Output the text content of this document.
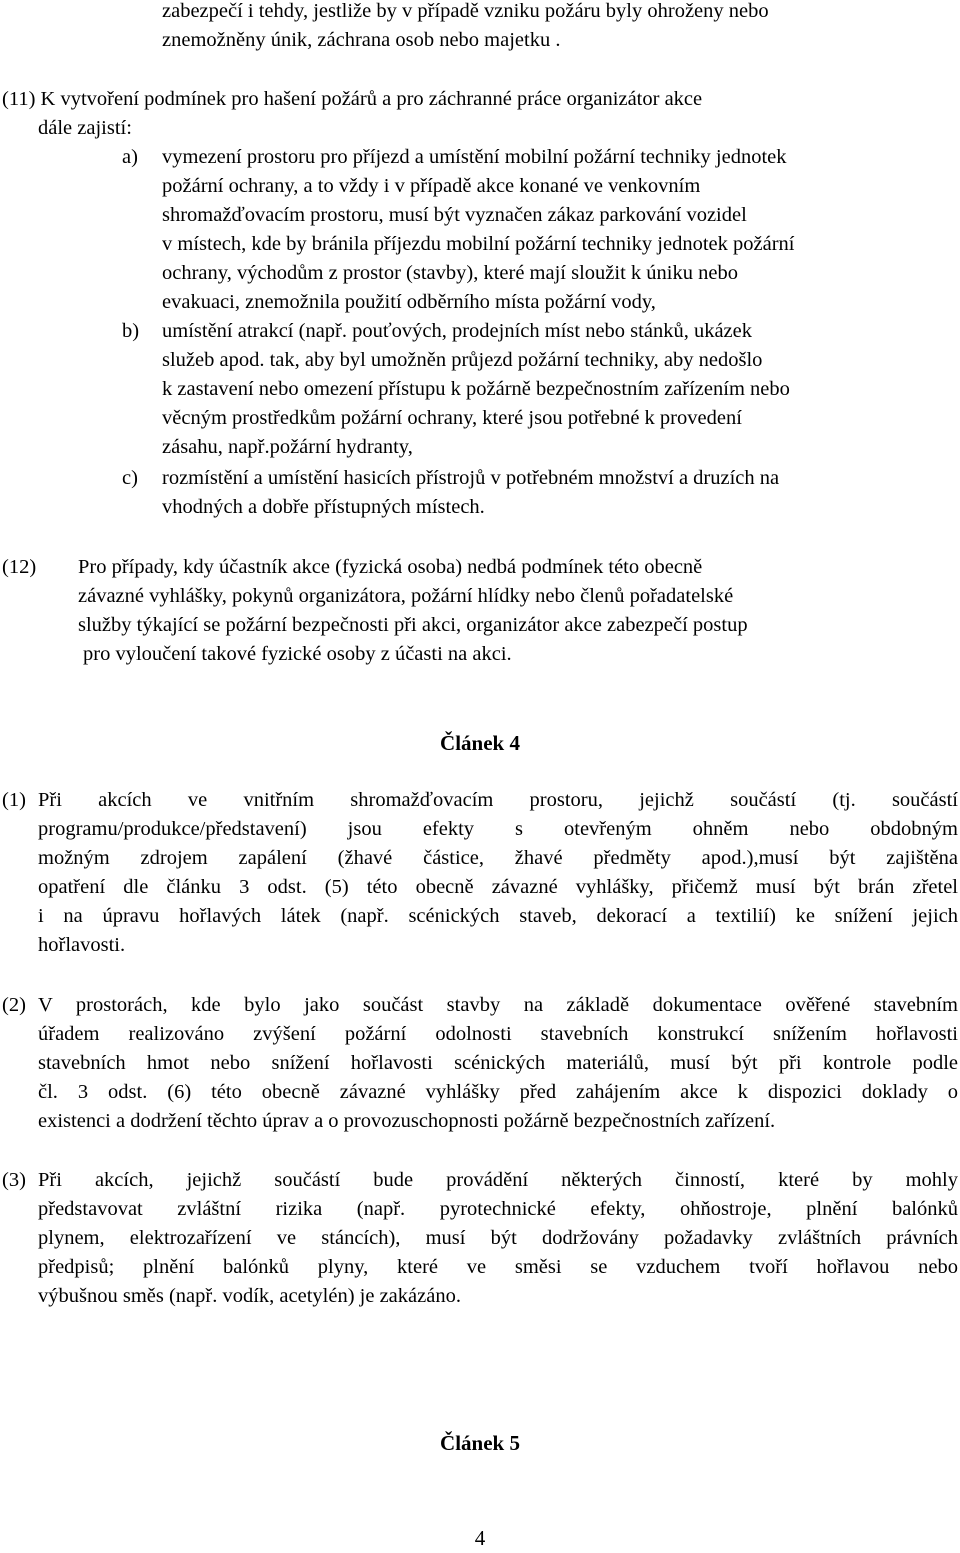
zabezpečí i tehdy, jestliže by v případě vzniku požáru byly ohroženy nebo
znemožněny únik, záchrana osob nebo majetku .
(11) K vytvoření podmínek pro hašení požárů a pro záchranné práce organizátor akce
dále zajistí:
a) vymezení prostoru pro příjezd a umístění mobilní požární techniky jednotek
požární ochrany, a to vždy i v případě akce konané ve venkovním
shromažďovacím prostoru, musí být vyznačen zákaz parkování vozidel
v místech, kde by bránila příjezdu mobilní požární techniky jednotek požární
ochrany, východům z prostor (stavby), které mají sloužit k úniku nebo
evakuaci, znemožnila použití odběrního místa požární vody,
b) umístění atrakcí (např. pouťových, prodejních míst nebo stánků, ukázek
služeb apod. tak, aby byl umožněn průjezd požární techniky, aby nedošlo
k zastavení nebo omezení přístupu k požárně bezpečnostním zařízením nebo
věcným prostředkům požární ochrany, které jsou potřebné k provedení
zásahu, např.požární hydranty,
c) rozmístění a umístění hasicích přístrojů v potřebném množství a druzích na
vhodných a dobře přístupných místech.
(12) Pro případy, kdy účastník akce (fyzická osoba) nedbá podmínek této obecně
závazné vyhlášky, pokynů organizátora, požární hlídky nebo členů pořadatelské
služby týkající se požární bezpečnosti při akci, organizátor akce zabezpečí postup
pro vyloučení takové fyzické osoby z účasti na akci.
Článek 4
(1) Při akcích ve vnitřním shromažďovacím prostoru, jejichž součástí (tj. součástí
programu/produkce/představení) jsou efekty s otevřeným ohněm nebo obdobným
možným zdrojem zapálení (žhavé částice, žhavé předměty apod.),musí být zajištěna
opatření dle článku 3 odst. (5) této obecně závazné vyhlášky, přičemž musí být brán zřetel
i na úpravu hořlavých látek (např. scénických staveb, dekorací a textilií) ke snížení jejich
hořlavosti.
(2) V prostorách, kde bylo jako součást stavby na základě dokumentace ověřené stavebním
úřadem realizováno zvýšení požární odolnosti stavebních konstrukcí snížením hořlavosti
stavebních hmot nebo snížení hořlavosti scénických materiálů, musí být při kontrole podle
čl. 3 odst. (6) této obecně závazné vyhlášky před zahájením akce k dispozici doklady o
existenci a dodržení těchto úprav a o provozuschopnosti požárně bezpečnostních zařízení.
(3) Při akcích, jejichž součástí bude provádění některých činností, které by mohly
představovat zvláštní rizika (např. pyrotechnické efekty, ohňostroje, plnění balónků
plynem, elektrozařízení ve stáncích), musí být dodržovány požadavky zvláštních právních
předpisů; plnění balónků plyny, které ve směsi se vzduchem tvoří hořlavou nebo
výbušnou směs (např. vodík, acetylén) je zakázáno.
Článek 5
4
